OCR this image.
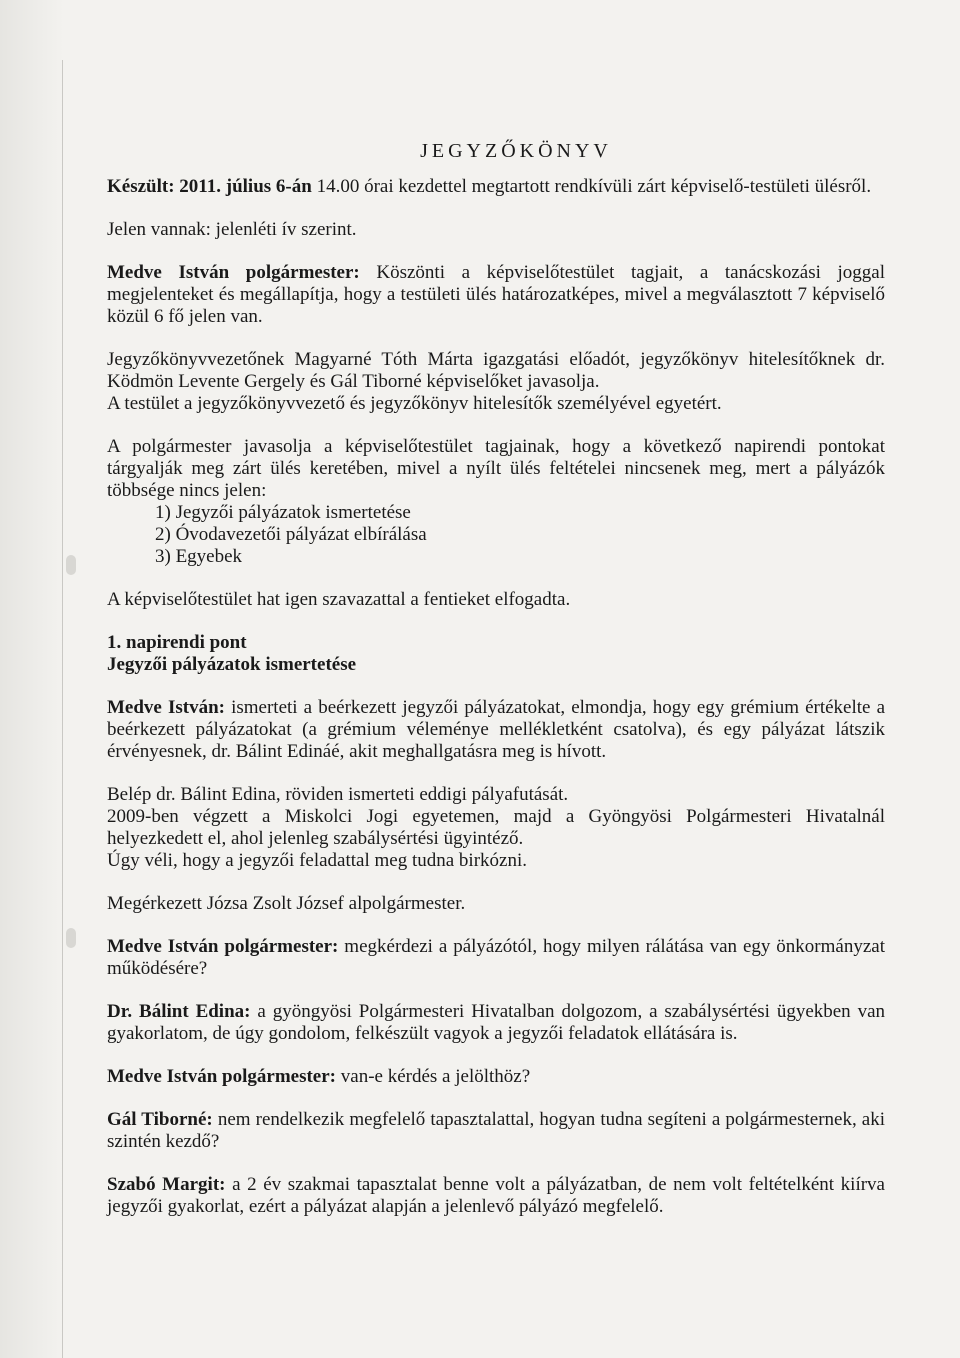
JEGYZŐKÖNYV

Készült: 2011. július 6-án 14.00 órai kezdettel megtartott rendkívüli zárt képviselő-testületi ülésről.

Jelen vannak: jelenléti ív szerint.

Medve István polgármester: Köszönti a képviselőtestület tagjait, a tanácskozási joggal megjelenteket és megállapítja, hogy a testületi ülés határozatképes, mivel a megválasztott 7 képviselő közül 6 fő jelen van.

Jegyzőkönyvvezetőnek Magyarné Tóth Márta igazgatási előadót, jegyzőkönyv hitelesítőknek dr. Ködmön Levente Gergely és Gál Tiborné képviselőket javasolja.
A testület a jegyzőkönyvvezető és jegyzőkönyv hitelesítők személyével egyetért.

A polgármester javasolja a képviselőtestület tagjainak, hogy a következő napirendi pontokat tárgyalják meg zárt ülés keretében, mivel a nyílt ülés feltételei nincsenek meg, mert a pályázók többsége nincs jelen:

1) Jegyzői pályázatok ismertetése
2) Óvodavezetői pályázat elbírálása
3) Egyebek

A képviselőtestület hat igen szavazattal a fentieket elfogadta.

1. napirendi pont
Jegyzői pályázatok ismertetése

Medve István: ismerteti a beérkezett jegyzői pályázatokat, elmondja, hogy egy grémium értékelte a beérkezett pályázatokat (a grémium véleménye mellékletként csatolva), és egy pályázat látszik érvényesnek, dr. Bálint Edináé, akit meghallgatásra meg is hívott.

Belép dr. Bálint Edina, röviden ismerteti eddigi pályafutását.
2009-ben végzett a Miskolci Jogi egyetemen, majd a Gyöngyösi Polgármesteri Hivatalnál helyezkedett el, ahol jelenleg szabálysértési ügyintéző.
Úgy véli, hogy a jegyzői feladattal meg tudna birkózni.

Megérkezett Józsa Zsolt József alpolgármester.

Medve István polgármester: megkérdezi a pályázótól, hogy milyen rálátása van egy önkormányzat működésére?

Dr. Bálint Edina: a gyöngyösi Polgármesteri Hivatalban dolgozom, a szabálysértési ügyekben van gyakorlatom, de úgy gondolom, felkészült vagyok a jegyzői feladatok ellátására is.

Medve István polgármester: van-e kérdés a jelölthöz?

Gál Tiborné: nem rendelkezik megfelelő tapasztalattal, hogyan tudna segíteni a polgármesternek, aki szintén kezdő?

Szabó Margit: a 2 év szakmai tapasztalat benne volt a pályázatban, de nem volt feltételként kiírva jegyzői gyakorlat, ezért a pályázat alapján a jelenlevő pályázó megfelelő.
